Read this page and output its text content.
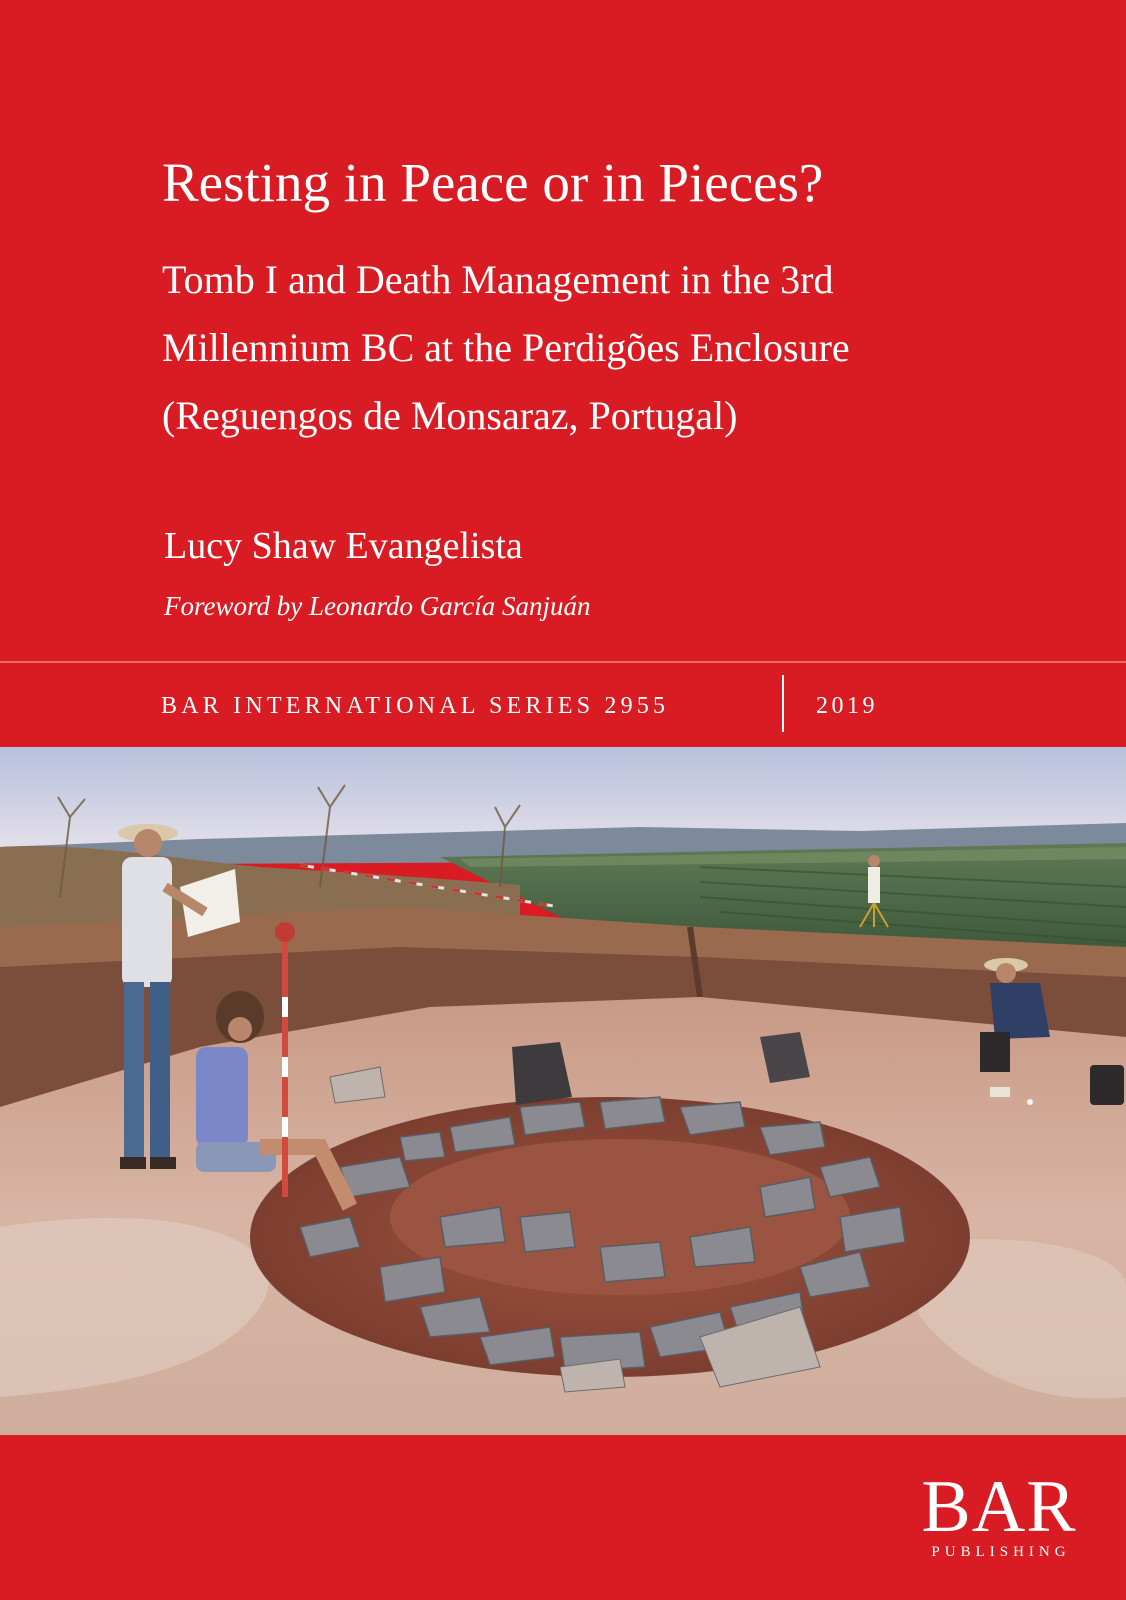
Resting in Peace or in Pieces?
Tomb I and Death Management in the 3rd
Millennium BC at the Perdigões Enclosure
(Reguengos de Monsaraz, Portugal)
Lucy Shaw Evangelista
Foreword by Leonardo García Sanjuán
BAR INTERNATIONAL SERIES 2955	2019
BAR
PUBLISHING
